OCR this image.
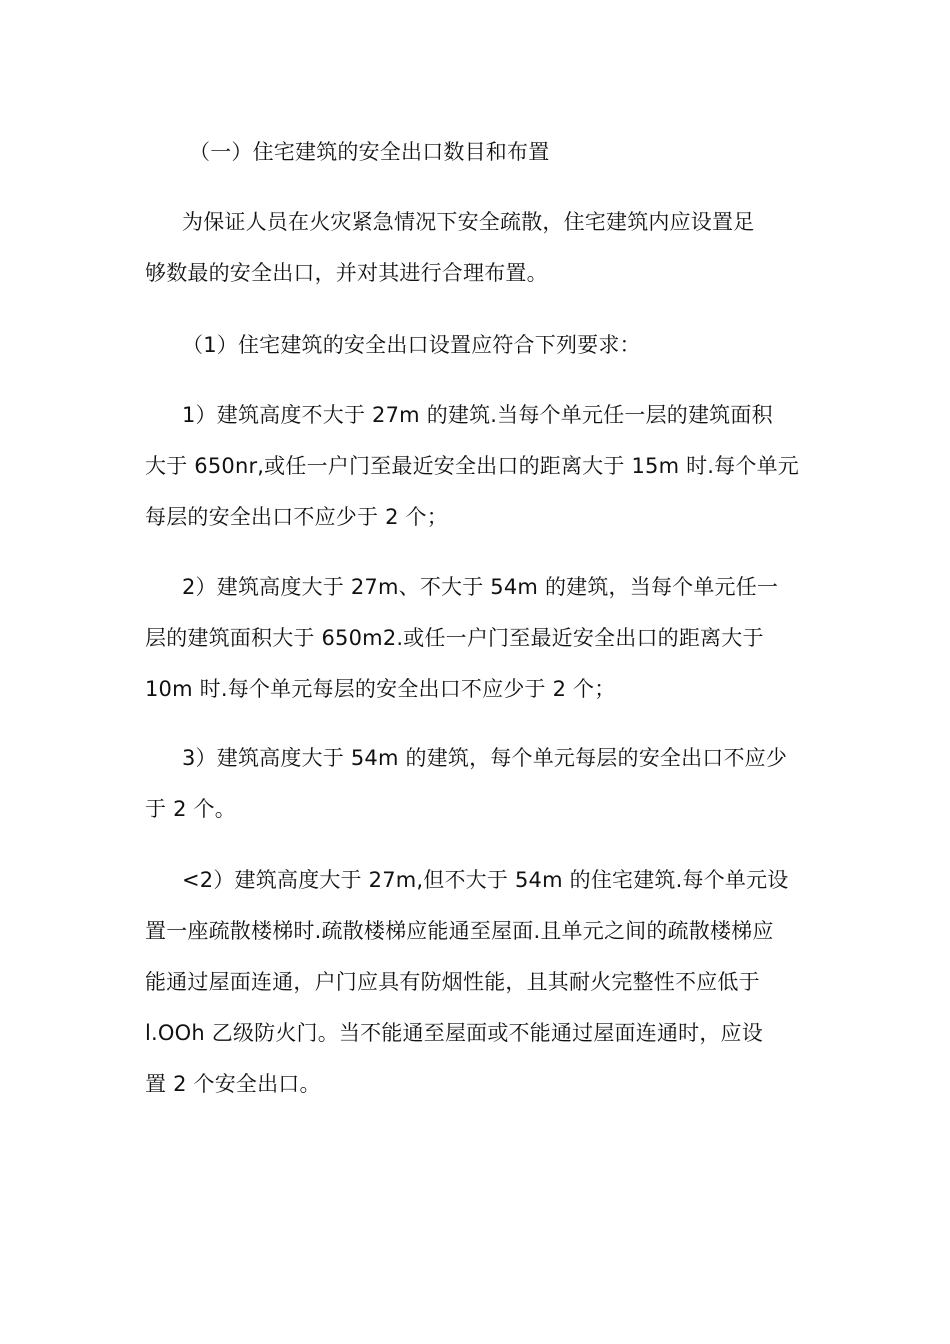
（一）住宅建筑的安全出口数目和布置
为保证人员在火灾紧急情况下安全疏散，住宅建筑内应设置足
够数最的安全出口，并对其进行合理布置。
（1）住宅建筑的安全出口设置应符合下列要求：
1）建筑高度不大于 27m 的建筑.当每个单元任一层的建筑面积
大于 650nr,或任一户门至最近安全出口的距离大于 15m 时.每个单元
每层的安全出口不应少于 2 个；
2）建筑高度大于 27m、不大于 54m 的建筑，当每个单元任一
层的建筑面积大于 650m2.或任一户门至最近安全出口的距离大于
10m 时.每个单元每层的安全出口不应少于 2 个；
3）建筑高度大于 54m 的建筑，每个单元每层的安全出口不应少
于 2 个。
<2）建筑高度大于 27m,但不大于 54m 的住宅建筑.每个单元设
置一座疏散楼梯时.疏散楼梯应能通至屋面.且单元之间的疏散楼梯应
能通过屋面连通，户门应具有防烟性能，且其耐火完整性不应低于
l.OOh 乙级防火门。当不能通至屋面或不能通过屋面连通时，应设
置 2 个安全出口。
